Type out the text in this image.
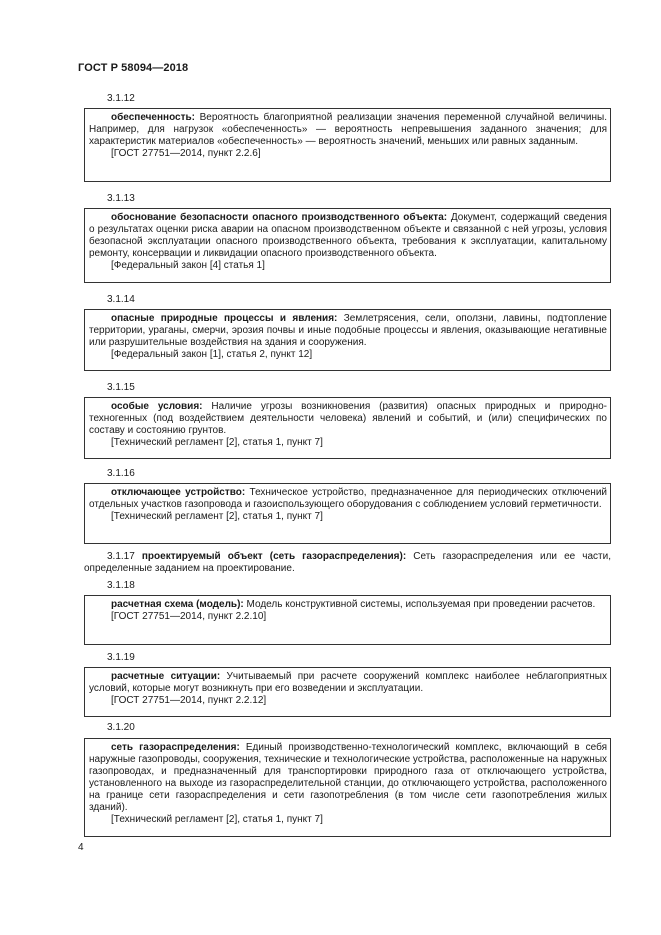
ГОСТ Р 58094—2018
3.1.12

обеспеченность: Вероятность благоприятной реализации значения переменной случайной величины. Например, для нагрузок «обеспеченность» — вероятность непревышения заданного значения; для характеристик материалов «обеспеченность» — вероятность значений, меньших или равных заданным.

[ГОСТ 27751—2014, пункт 2.2.6]

3.1.13

обоснование безопасности опасного производственного объекта: Документ, содержащий сведения о результатах оценки риска аварии на опасном производственном объекте и связанной с ней угрозы, условия безопасной эксплуатации опасного производственного объекта, требования к эксплуатации, капитальному ремонту, консервации и ликвидации опасного производственного объекта.

[Федеральный закон [4] статья 1]

3.1.14

опасные природные процессы и явления: Землетрясения, сели, оползни, лавины, подтопление территории, ураганы, смерчи, эрозия почвы и иные подобные процессы и явления, оказывающие негативные или разрушительные воздействия на здания и сооружения.

[Федеральный закон [1], статья 2, пункт 12]

3.1.15

особые условия: Наличие угрозы возникновения (развития) опасных природных и природно-техногенных (под воздействием деятельности человека) явлений и событий, и (или) специфических по составу и состоянию грунтов.

[Технический регламент [2], статья 1, пункт 7]

3.1.16

отключающее устройство: Техническое устройство, предназначенное для периодических отключений отдельных участков газопровода и газоиспользующего оборудования с соблюдением условий герметичности.

[Технический регламент [2], статья 1, пункт 7]

3.1.17 проектируемый объект (сеть газораспределения): Сеть газораспределения или ее части, определенные заданием на проектирование.

3.1.18

расчетная схема (модель): Модель конструктивной системы, используемая при проведении расчетов.

[ГОСТ 27751—2014, пункт 2.2.10]

3.1.19

расчетные ситуации: Учитываемый при расчете сооружений комплекс наиболее неблагоприятных условий, которые могут возникнуть при его возведении и эксплуатации.

[ГОСТ 27751—2014, пункт 2.2.12]

3.1.20

сеть газораспределения: Единый производственно-технологический комплекс, включающий в себя наружные газопроводы, сооружения, технические и технологические устройства, расположенные на наружных газопроводах, и предназначенный для транспортировки природного газа от отключающего устройства, установленного на выходе из газораспределительной станции, до отключающего устройства, расположенного на границе сети газораспределения и сети газопотребления (в том числе сети газопотребления жилых зданий).

[Технический регламент [2], статья 1, пункт 7]

4
